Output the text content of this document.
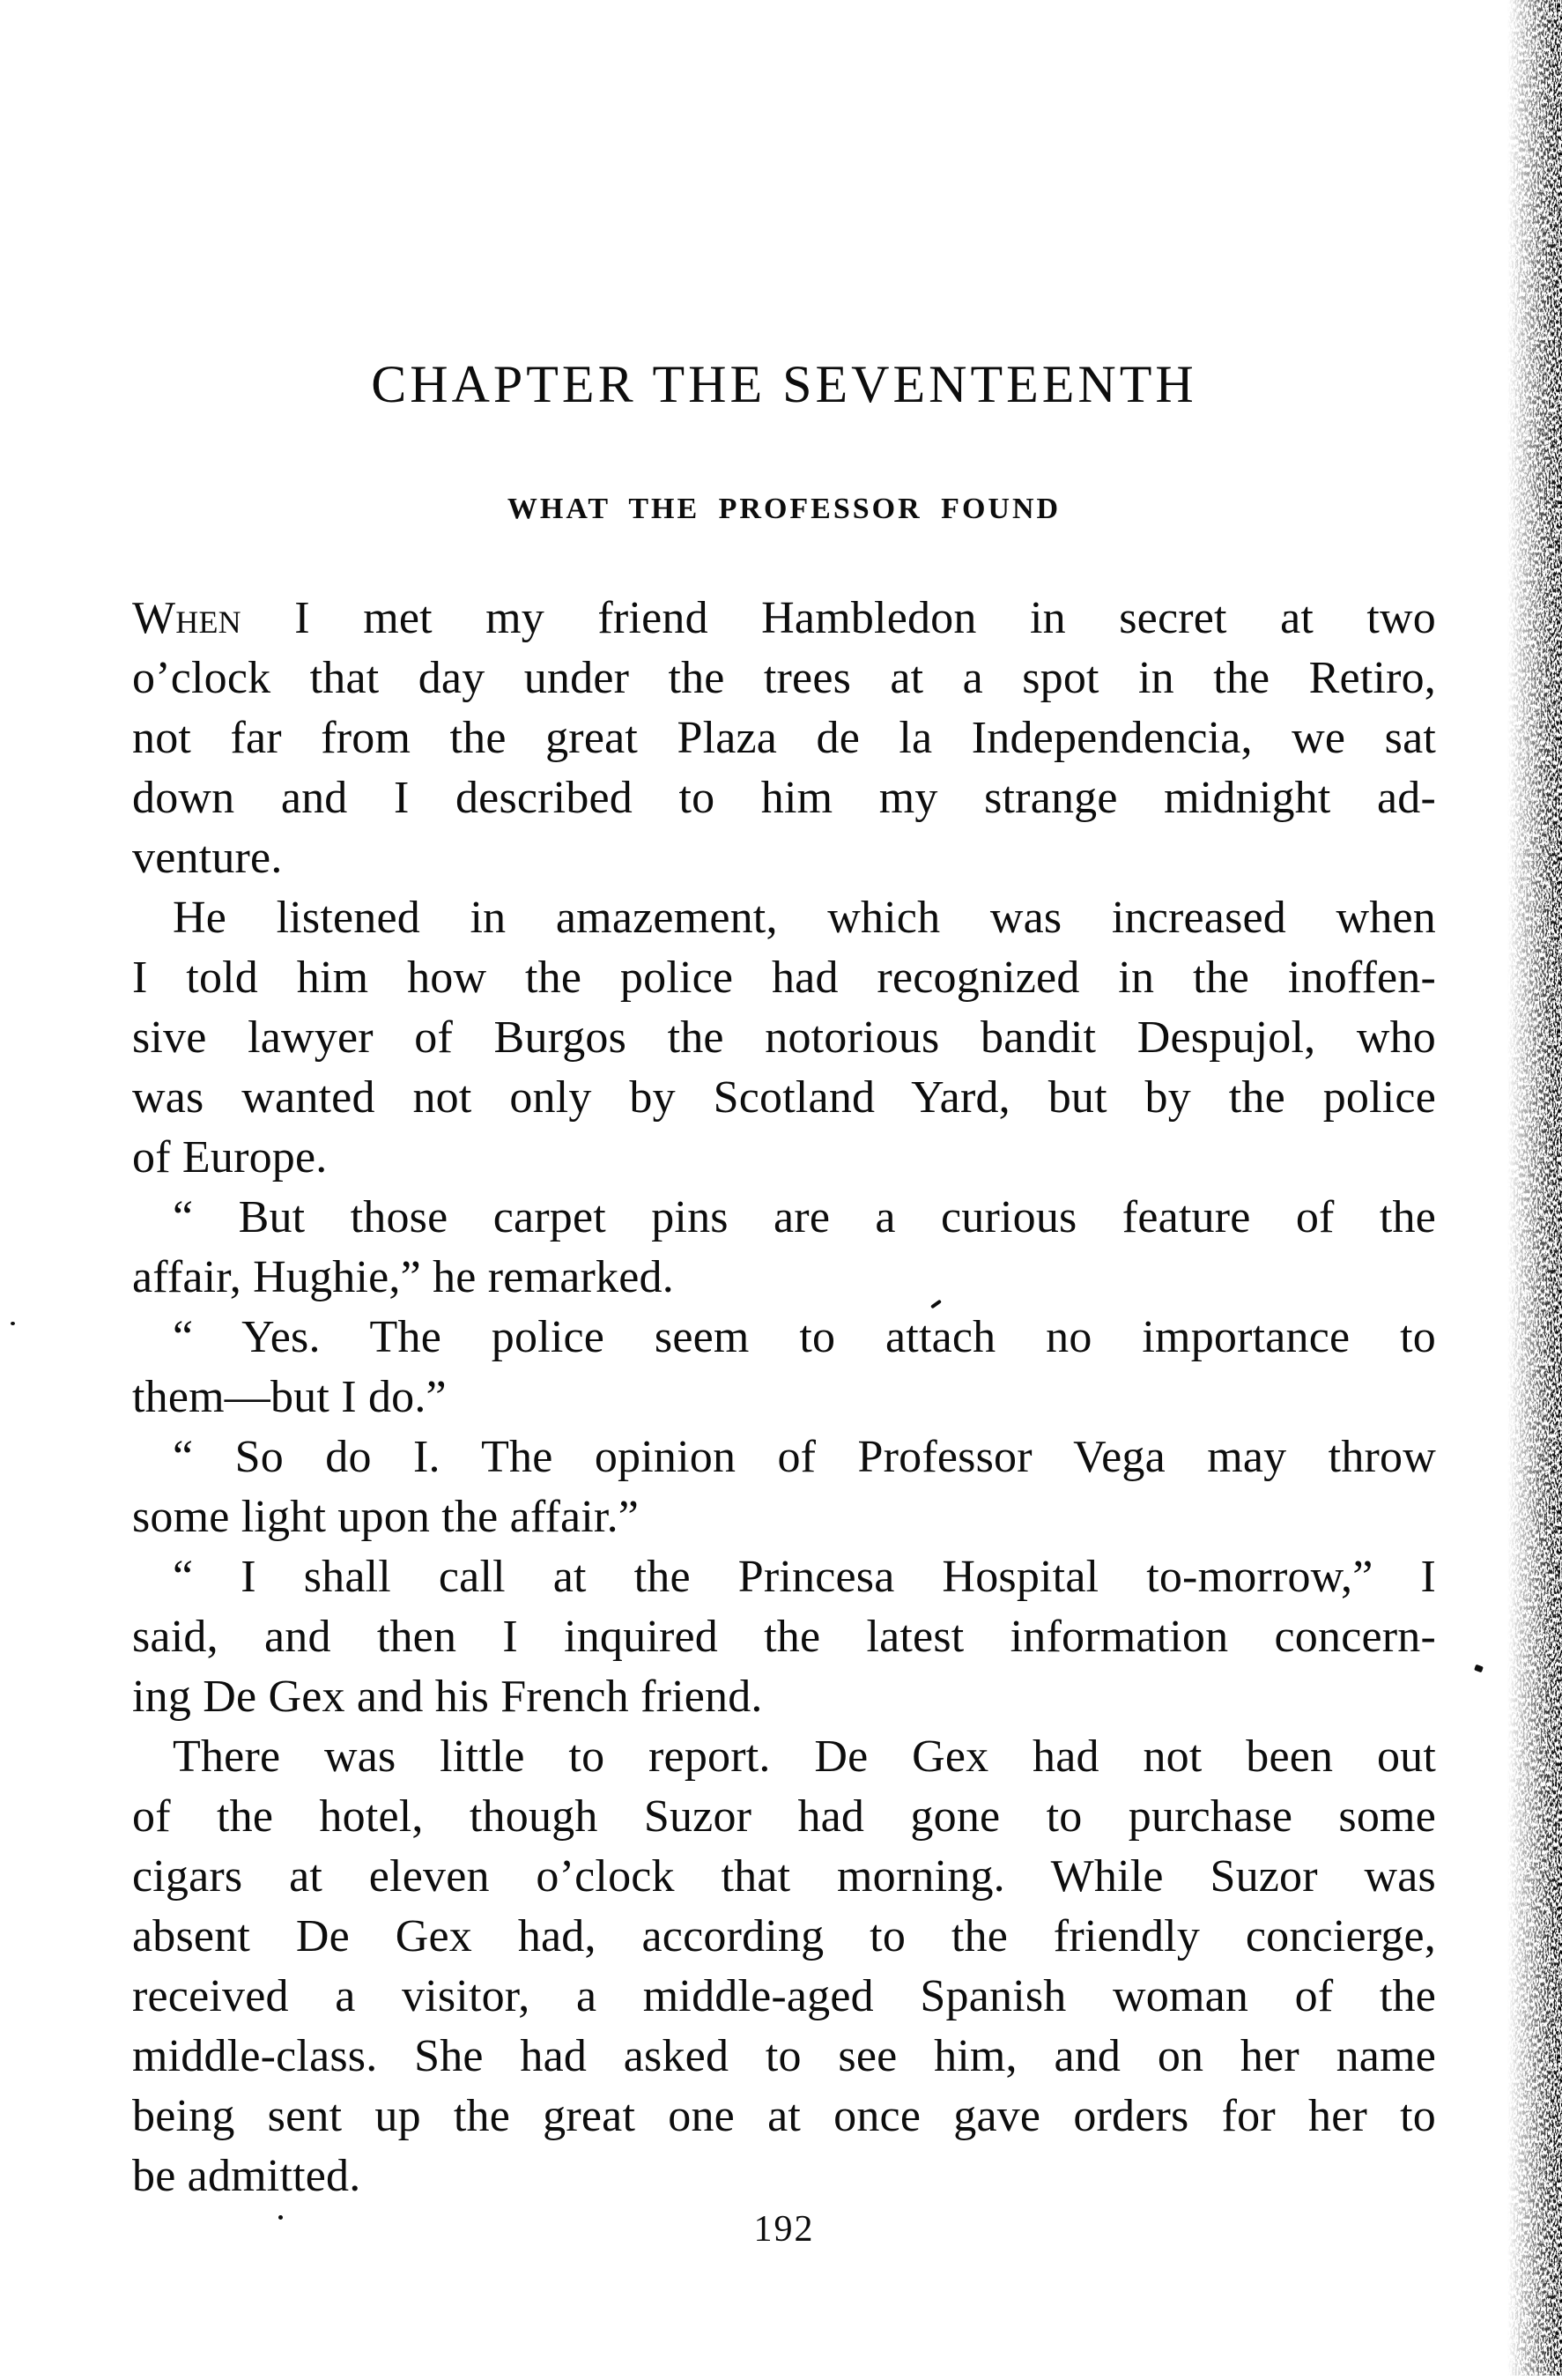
CHAPTER THE SEVENTEENTH
WHAT THE PROFESSOR FOUND
When I met my friend Hambledon in secret at two
o’clock that day under the trees at a spot in the Retiro,
not far from the great Plaza de la Independencia, we sat
down and I described to him my strange midnight ad-
venture.
He listened in amazement, which was increased when
I told him how the police had recognized in the inoffen-
sive lawyer of Burgos the notorious bandit Despujol, who
was wanted not only by Scotland Yard, but by the police
of Europe.
“ But those carpet pins are a curious feature of the
affair, Hughie,” he remarked.
“ Yes. The police seem to attach no importance to
them—but I do.”
“ So do I. The opinion of Professor Vega may throw
some light upon the affair.”
“ I shall call at the Princesa Hospital to-morrow,” I
said, and then I inquired the latest information concern-
ing De Gex and his French friend.
There was little to report. De Gex had not been out
of the hotel, though Suzor had gone to purchase some
cigars at eleven o’clock that morning. While Suzor was
absent De Gex had, according to the friendly concierge,
received a visitor, a middle-aged Spanish woman of the
middle-class. She had asked to see him, and on her name
being sent up the great one at once gave orders for her to
be admitted.
192
